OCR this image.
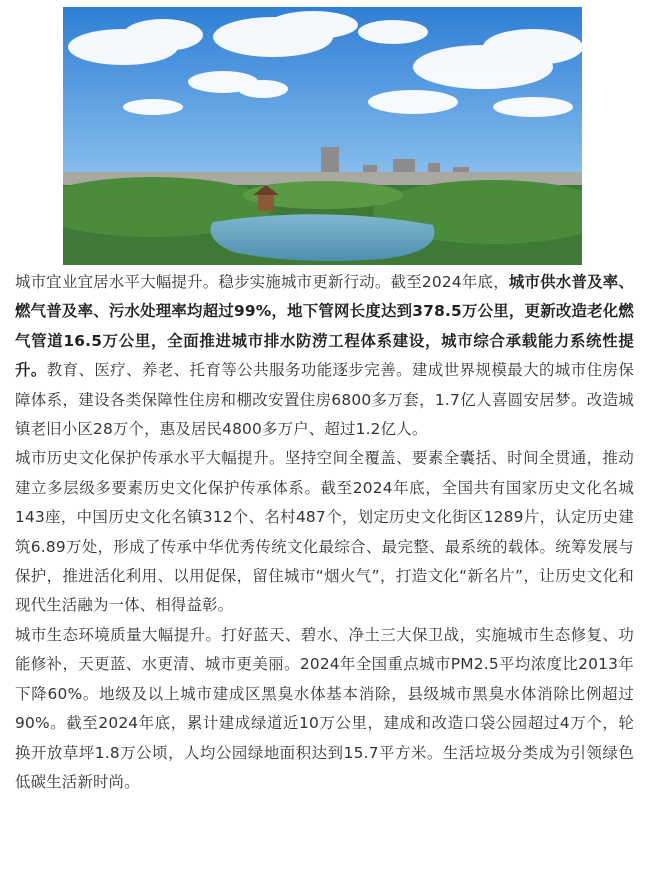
城市宜业宜居水平大幅提升。稳步实施城市更新行动。截至2024年底，城市供水普及率、燃气普及率、污水处理率均超过99%，地下管网长度达到378.5万公里，更新改造老化燃气管道16.5万公里，全面推进城市排水防涝工程体系建设，城市综合承载能力系统性提升。教育、医疗、养老、托育等公共服务功能逐步完善。建成世界规模最大的城市住房保障体系，建设各类保障性住房和棚改安置住房6800多万套，1.7亿人喜圆安居梦。改造城镇老旧小区28万个，惠及居民4800多万户、超过1.2亿人。

城市历史文化保护传承水平大幅提升。坚持空间全覆盖、要素全囊括、时间全贯通，推动建立多层级多要素历史文化保护传承体系。截至2024年底，全国共有国家历史文化名城143座，中国历史文化名镇312个、名村487个，划定历史文化街区1289片，认定历史建筑6.89万处，形成了传承中华优秀传统文化最综合、最完整、最系统的载体。统筹发展与保护，推进活化利用、以用促保，留住城市“烟火气”，打造文化“新名片”，让历史文化和现代生活融为一体、相得益彰。

城市生态环境质量大幅提升。打好蓝天、碧水、净土三大保卫战，实施城市生态修复、功能修补，天更蓝、水更清、城市更美丽。2024年全国重点城市PM2.5平均浓度比2013年下降60%。地级及以上城市建成区黑臭水体基本消除，县级城市黑臭水体消除比例超过90%。截至2024年底，累计建成绿道近10万公里，建成和改造口袋公园超过4万个，轮换开放草坪1.8万公顷，人均公园绿地面积达到15.7平方米。生活垃圾分类成为引领绿色低碳生活新时尚。
